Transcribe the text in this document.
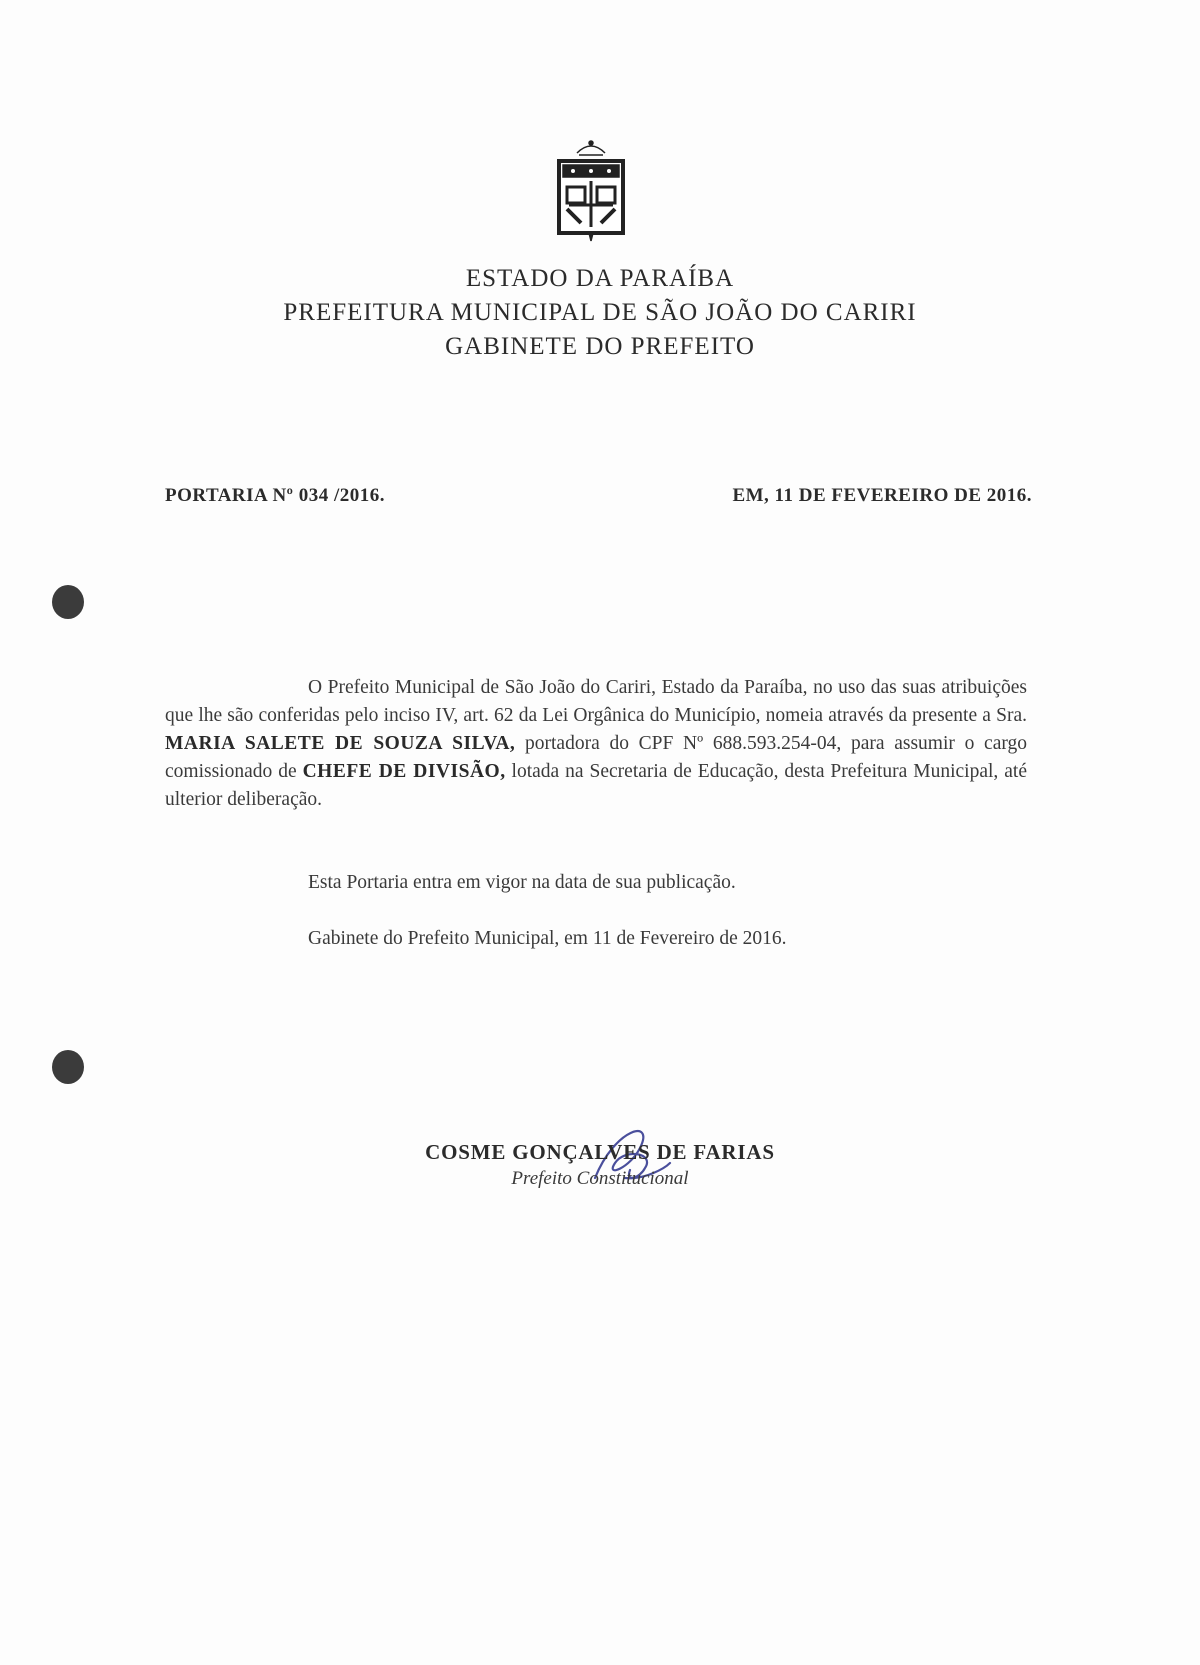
ESTADO DA PARAÍBA
PREFEITURA MUNICIPAL DE SÃO JOÃO DO CARIRI
GABINETE DO PREFEITO
PORTARIA Nº 034 /2016.	EM, 11 DE FEVEREIRO DE 2016.

O Prefeito Municipal de São João do Cariri, Estado da Paraíba, no uso das suas atribuições que lhe são conferidas pelo inciso IV, art. 62 da Lei Orgânica do Município, nomeia através da presente a Sra. MARIA SALETE DE SOUZA SILVA, portadora do CPF Nº 688.593.254-04, para assumir o cargo comissionado de CHEFE DE DIVISÃO, lotada na Secretaria de Educação, desta Prefeitura Municipal, até ulterior deliberação.

Esta Portaria entra em vigor na data de sua publicação.
Gabinete do Prefeito Municipal, em 11 de Fevereiro de 2016.
COSME GONÇALVES DE FARIAS
Prefeito Constitucional
